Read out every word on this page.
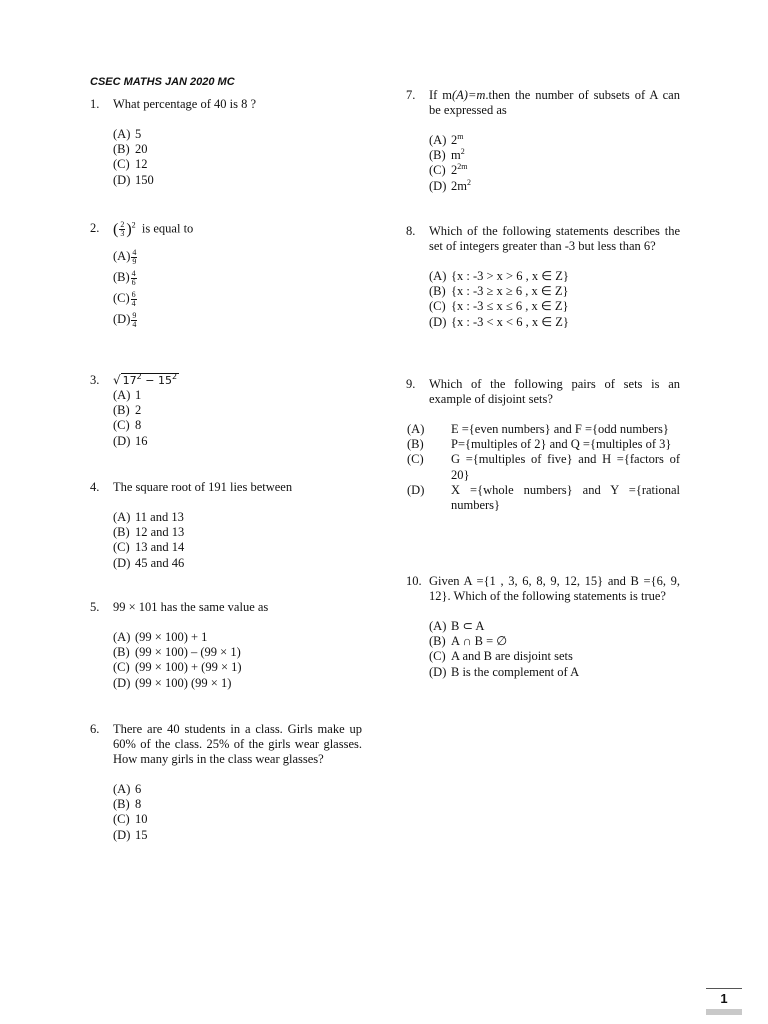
CSEC MATHS JAN 2020 MC
1. What percentage of 40 is 8 ?
(A) 5
(B) 20
(C) 12
(D) 150
2. ( $\frac{2}{3} )^2$ is equal to
$(A) \frac{4}{9}$
$(B) \frac{4}{6}$
$(C) \frac{6}{4}$
$(D) \frac{9}{4}$
3. √ $17^2 - 15^2$
(A) 1
(B) 2
(C) 8
(D) 16
4. The square root of 191 lies between
(A) 11 and 13
(B) 12 and 13
(C) 13 and 14
(D) 45 and 46
5. 99 × 101 has the same value as
(A) (99 × 100) + 1
(B) (99 × 100) – (99 × 1)
(C) (99 × 100) + (99 × 1)
(D) (99 × 100) (99 × 1)
6. There are 40 students in a class. Girls make up 60% of the class. 25% of the girls wear glasses. How many girls in the class wear glasses?
(A) 6
(B) 8
(C) 10
(D) 15
7. If m(A)=m.then the number of subsets of A can be expressed as
(A) 2$^m$
(B) $m^2$
(C) $2^{2m}$
(D) $2m^2$
8. Which of the following statements describes the set of integers greater than -3 but less than 6?
(A) {x : -3 > x > 6 , x ∈ Z}
(B) {x : -3 ≥ x ≥ 6 , x ∈ Z}
(C) {x : -3 ≤ x ≤ 6 , x ∈ Z}
(D) {x : -3 < x < 6 , x ∈ Z}
9. Which of the following pairs of sets is an example of disjoint sets?
(A) E ={even numbers} and F ={odd numbers}
(B) P={multiples of 2} and Q ={multiples of 3}
(C) G ={multiples of five} and H ={factors of 20}
(D) X ={whole numbers} and Y ={rational numbers}
10. Given A ={1 , 3, 6, 8, 9, 12, 15} and B ={6, 9, 12}. Which of the following statements is true?
(A) B ⊂ A
(B) A ∩ B = ∅
(C) A and B are disjoint sets
(D) B is the complement of A
1
